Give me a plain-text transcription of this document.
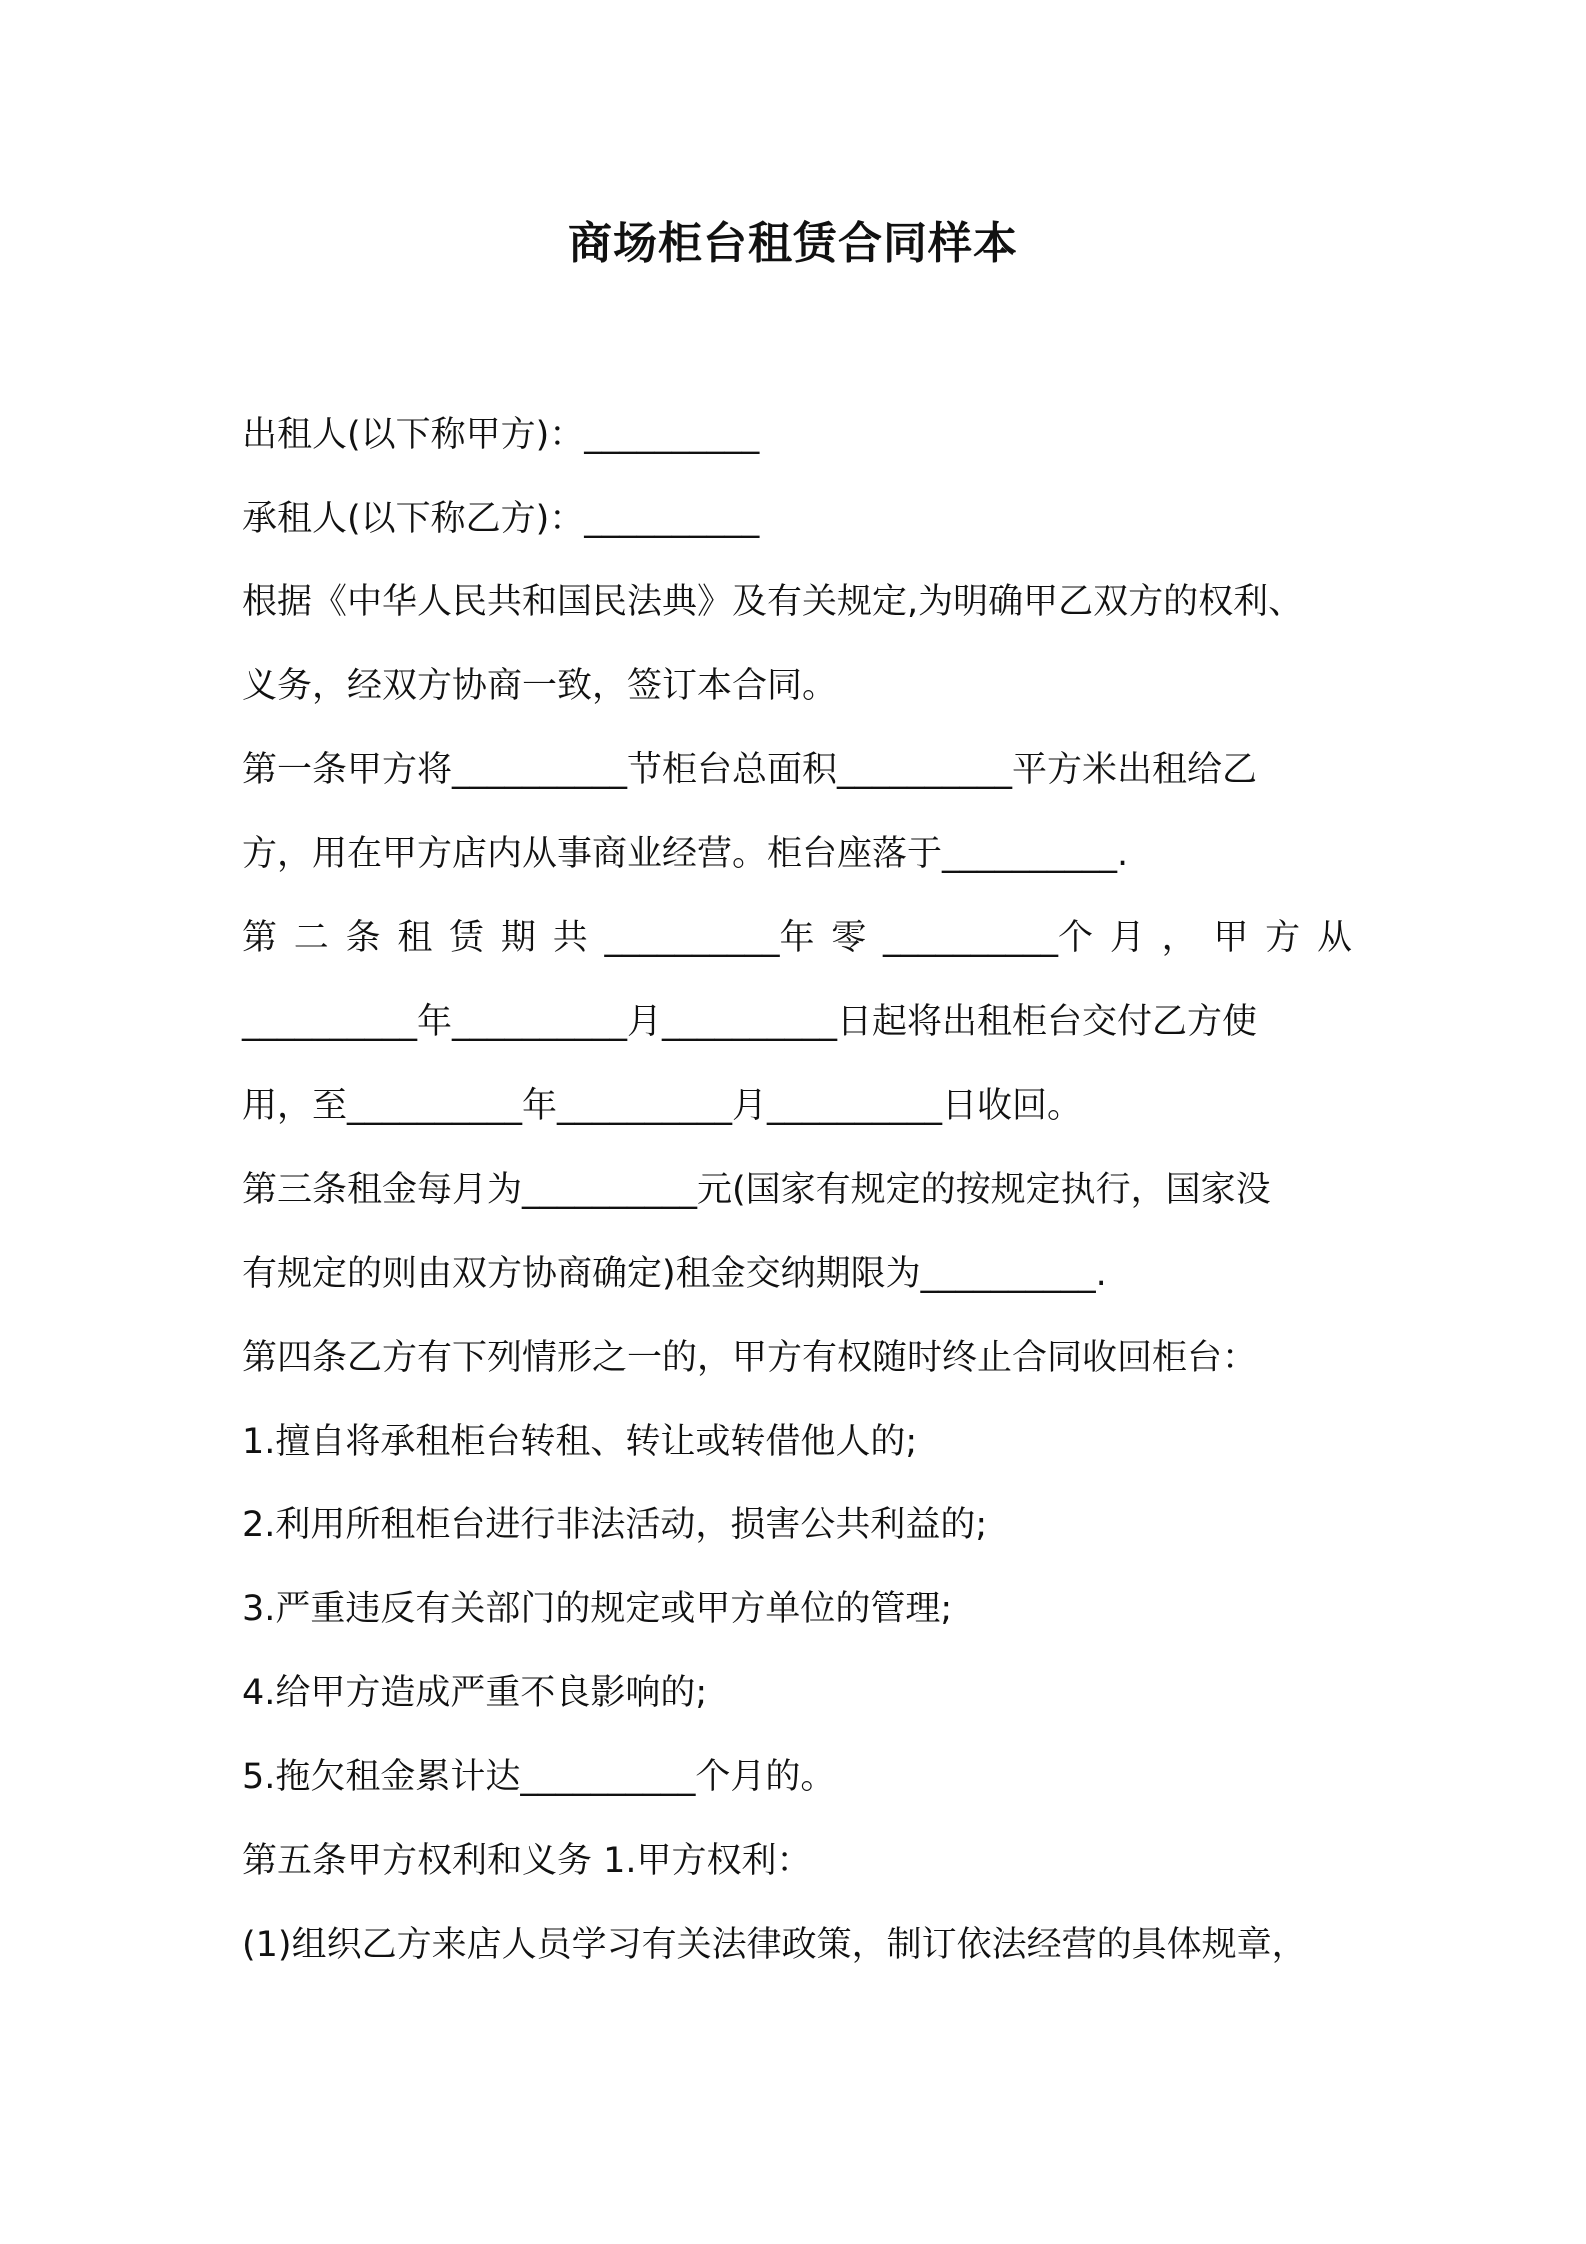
商场柜台租赁合同样本
出租人(以下称甲方)：__________
承租人(以下称乙方)：__________
根据《中华人民共和国民法典》及有关规定,为明确甲乙双方的权利、
义务，经双方协商一致，签订本合同。
第一条甲方将__________节柜台总面积__________平方米出租给乙
方，用在甲方店内从事商业经营。柜台座落于__________.
第 二 条 租 赁 期 共 __________年 零 __________个 月 ， 甲 方 从
__________年__________月__________日起将出租柜台交付乙方使
用，至__________年__________月__________日收回。
第三条租金每月为__________元(国家有规定的按规定执行，国家没
有规定的则由双方协商确定)租金交纳期限为__________.
第四条乙方有下列情形之一的，甲方有权随时终止合同收回柜台：
1.擅自将承租柜台转租、转让或转借他人的;
2.利用所租柜台进行非法活动，损害公共利益的;
3.严重违反有关部门的规定或甲方单位的管理;
4.给甲方造成严重不良影响的;
5.拖欠租金累计达__________个月的。
第五条甲方权利和义务 1.甲方权利：
(1)组织乙方来店人员学习有关法律政策，制订依法经营的具体规章，
